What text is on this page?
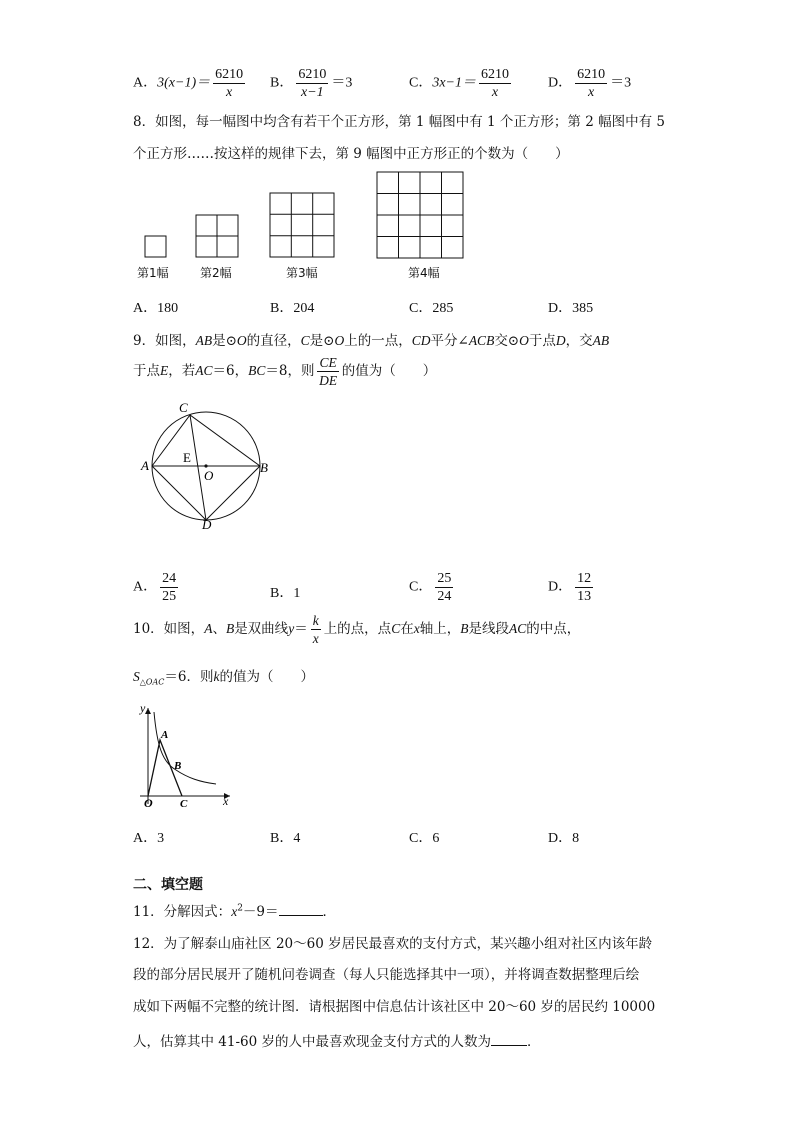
A．$3(x-1)= \frac{6210}{x}$ B． $\frac{6210}{x-1} =3$	C．$3x-1= \frac{6210}{x}$	D． $\frac{6210}{x} =3$
8．如图，每一幅图中均含有若干个正方形，第 1 幅图中有 1 个正方形；第 2 幅图中有 5
个正方形……按这样的规律下去，第 9 幅图中正方形正的个数为（　　）
第1幅	第2幅	第3幅	第4幅
A．180	B．204	C．285	D．385
9．如图，AB是⊙O的直径，C是⊙O上的一点，CD平分∠ACB交⊙O于点D，交AB
于点E，若AC＝6，BC＝8，则 $\frac{CE}{DE}$ 的值为（　　）
C
A	B
D
E
O
A． $\frac{24}{25}$	B．1	C． $\frac{25}{24}$	D． $\frac{12}{13}$
10．如图，A、B是双曲线$y= \frac{k}{x}$ 上的点，点C在x轴上，B是线段AC的中点，
$S_{\triangle OAC}=6$．则k的值为（　　）
y
x
O
A
B
C
A．3	B．4	C．6	D．8
二、填空题
11．分解因式：$x^2-9=$	．
12．为了解泰山庙社区 20～60 岁居民最喜欢的支付方式，某兴趣小组对社区内该年龄
段的部分居民展开了随机问卷调查（每人只能选择其中一项），并将调查数据整理后绘
成如下两幅不完整的统计图．请根据图中信息估计该社区中 20～60 岁的居民约 10000
人，估算其中 41-60 岁的人中最喜欢现金支付方式的人数为	．
